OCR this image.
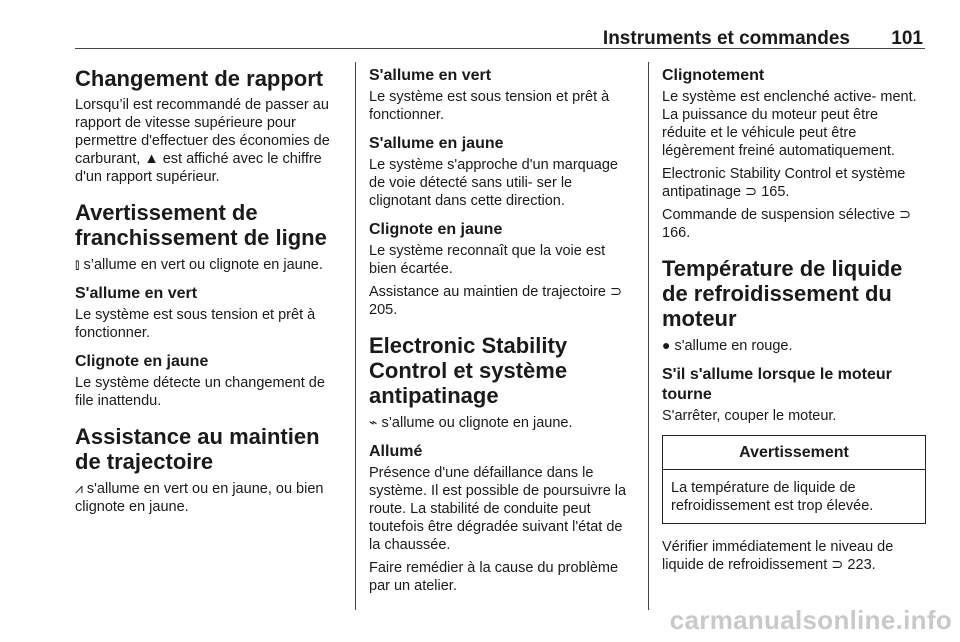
Instruments et commandes 101
Changement de rapport

Lorsqu’il est recommandé de passer au rapport de vitesse supérieure pour permettre d'effectuer des économies de carburant, ▲ est affiché avec le chiffre d'un rapport supérieur.

Avertissement de franchissement de ligne

⫾ s’allume en vert ou clignote en jaune.

S'allume en vert

Le système est sous tension et prêt à fonctionner.

Clignote en jaune

Le système détecte un changement de file inattendu.

Assistance au maintien de trajectoire

⩘ s'allume en vert ou en jaune, ou bien clignote en jaune.

S'allume en vert

Le système est sous tension et prêt à fonctionner.

S'allume en jaune

Le système s'approche d'un marquage de voie détecté sans utili- ser le clignotant dans cette direction.

Clignote en jaune

Le système reconnaît que la voie est bien écartée.

Assistance au maintien de trajectoire ⊃ 205.

Electronic Stability Control et système antipatinage

⌁ s’allume ou clignote en jaune.

Allumé

Présence d'une défaillance dans le système. Il est possible de poursuivre la route. La stabilité de conduite peut toutefois être dégradée suivant l'état de la chaussée.

Faire remédier à la cause du problème par un atelier.

Clignotement

Le système est enclenché active- ment. La puissance du moteur peut être réduite et le véhicule peut être légèrement freiné automatiquement.

Electronic Stability Control et système antipatinage ⊃ 165.

Commande de suspension sélective ⊃ 166.

Température de liquide de refroidissement du moteur

● s'allume en rouge.

S'il s'allume lorsque le moteur tourne

S'arrêter, couper le moteur.

Avertissement
La température de liquide de refroidissement est trop élevée.

Vérifier immédiatement le niveau de liquide de refroidissement ⊃ 223.

carmanualsonline.info
